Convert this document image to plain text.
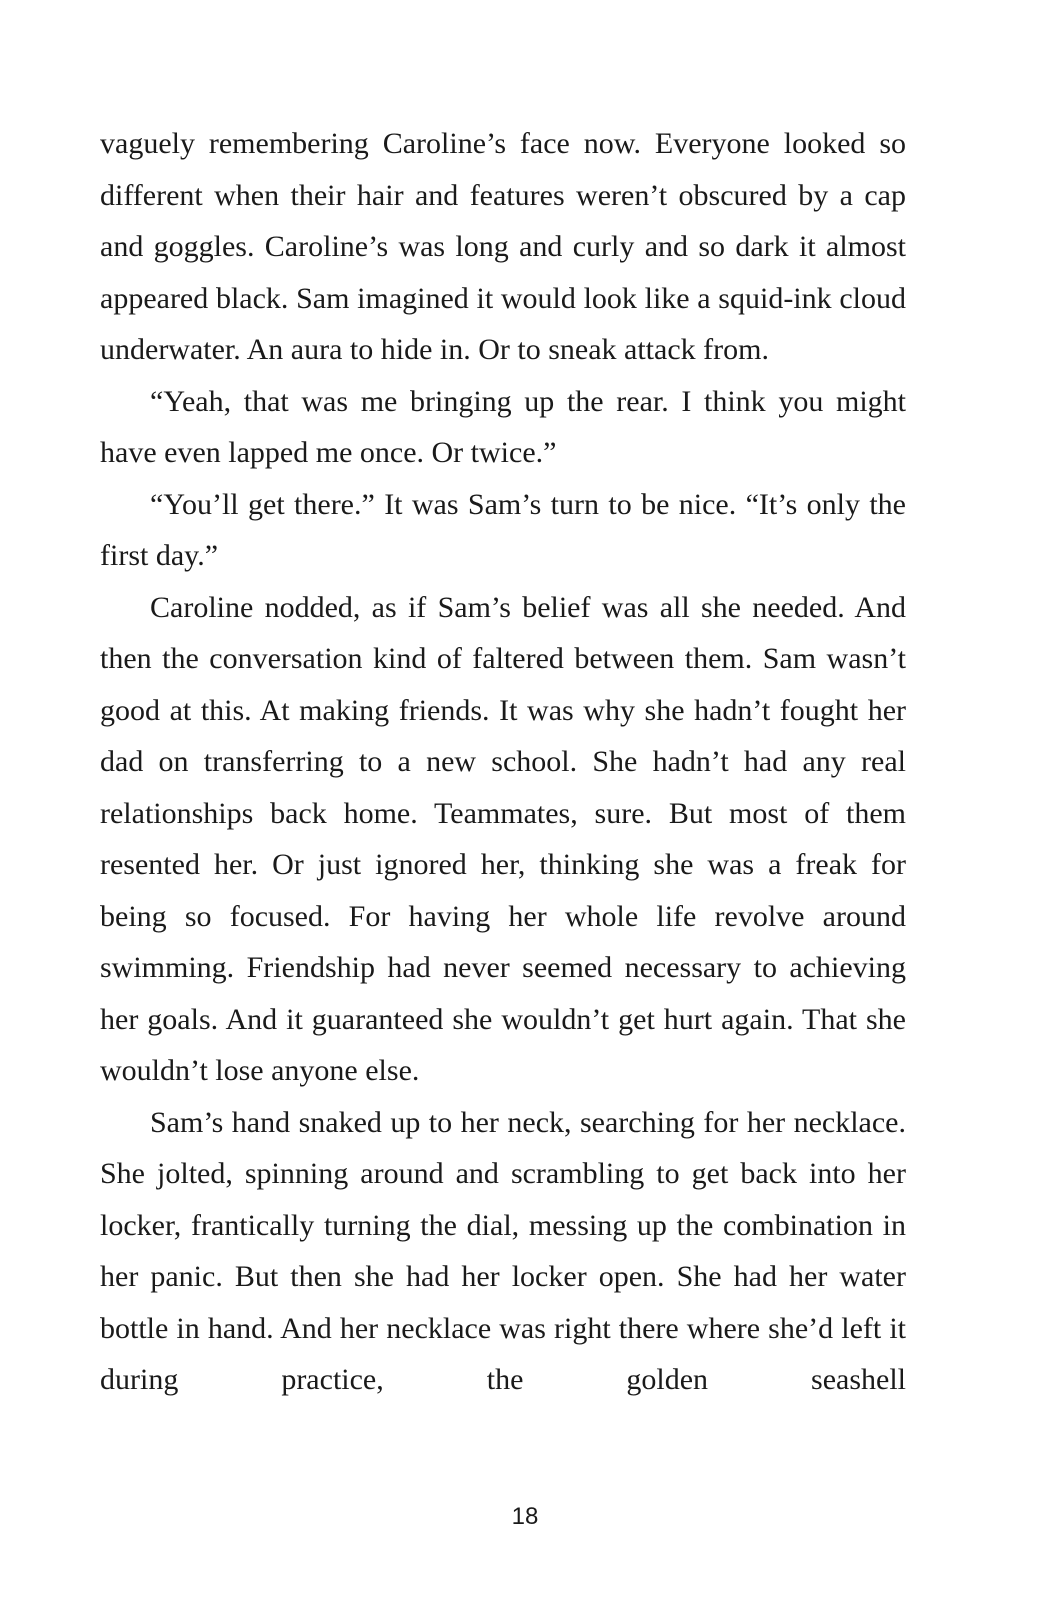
vaguely remembering Caroline’s face now. Everyone looked so different when their hair and features weren’t obscured by a cap and goggles. Caroline’s was long and curly and so dark it almost appeared black. Sam imagined it would look like a squid-ink cloud underwater. An aura to hide in. Or to sneak attack from.

“Yeah, that was me bringing up the rear. I think you might have even lapped me once. Or twice.”

“You’ll get there.” It was Sam’s turn to be nice. “It’s only the first day.”

Caroline nodded, as if Sam’s belief was all she needed. And then the conversation kind of faltered between them. Sam wasn’t good at this. At making friends. It was why she hadn’t fought her dad on transferring to a new school. She hadn’t had any real relationships back home. Teammates, sure. But most of them resented her. Or just ignored her, thinking she was a freak for being so focused. For having her whole life revolve around swimming. Friendship had never seemed necessary to achieving her goals. And it guaranteed she wouldn’t get hurt again. That she wouldn’t lose anyone else.

Sam’s hand snaked up to her neck, searching for her necklace. She jolted, spinning around and scrambling to get back into her locker, frantically turning the dial, messing up the combination in her panic. But then she had her locker open. She had her water bottle in hand. And her necklace was right there where she’d left it during practice, the golden seashell

18
